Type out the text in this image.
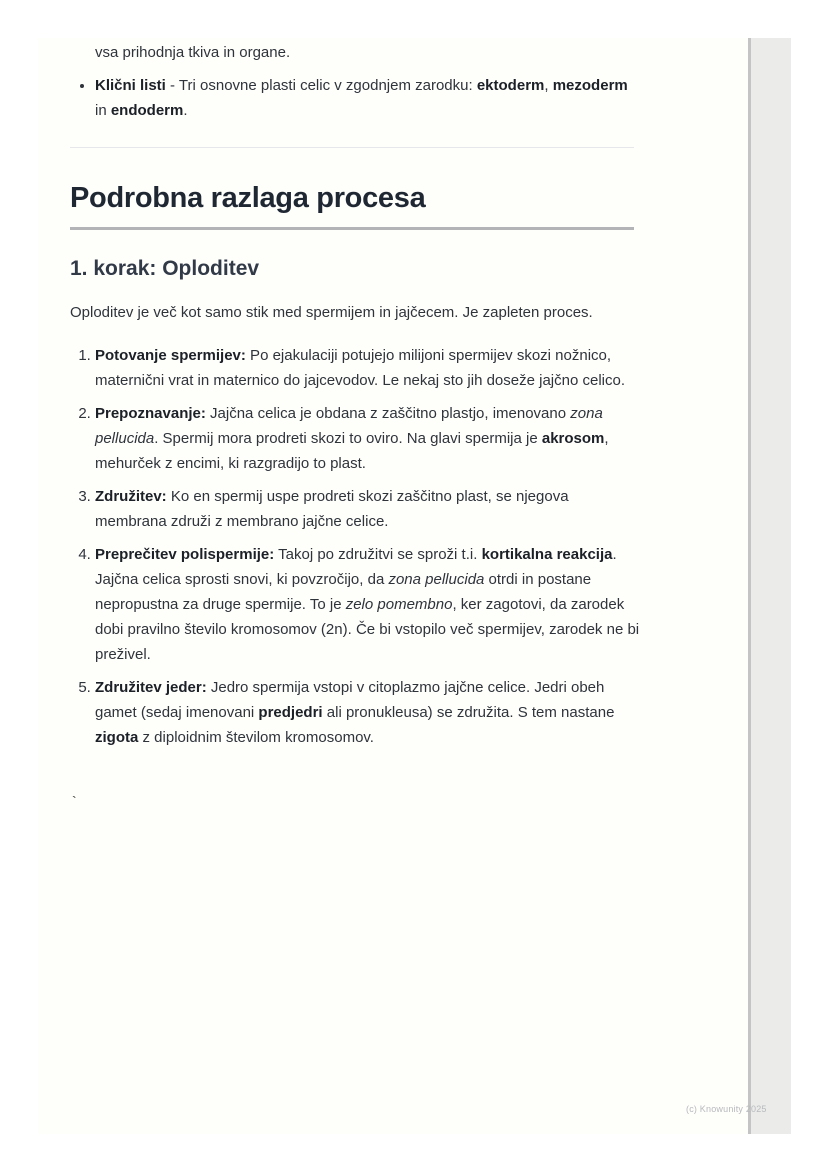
vsa prihodnja tkiva in organe.

• Klični listi - Tri osnovne plasti celic v zgodnjem zarodku: ektoderm, mezoderm in endoderm.
Podrobna razlaga procesa
1. korak: Oploditev

Oploditev je več kot samo stik med spermijem in jajčecem. Je zapleten proces.

1. Potovanje spermijev: Po ejakulaciji potujejo milijoni spermijev skozi nožnico, maternični vrat in maternico do jajcevodov. Le nekaj sto jih doseže jajčno celico.
2. Prepoznavanje: Jajčna celica je obdana z zaščitno plastjo, imenovano zona pellucida. Spermij mora prodreti skozi to oviro. Na glavi spermija je akrosom, mehurček z encimi, ki razgradijo to plast.
3. Združitev: Ko en spermij uspe prodreti skozi zaščitno plast, se njegova membrana združi z membrano jajčne celice.
4. Preprečitev polispermije: Takoj po združitvi se sproži t.i. kortikalna reakcija. Jajčna celica sprosti snovi, ki povzročijo, da zona pellucida otrdi in postane nepropustna za druge spermije. To je zelo pomembno, ker zagotovi, da zarodek dobi pravilno število kromosomov (2n). Če bi vstopilo več spermijev, zarodek ne bi preživel.
5. Združitev jeder: Jedro spermija vstopi v citoplazmo jajčne celice. Jedri obeh gamet (sedaj imenovani predjedri ali pronukleusa) se združita. S tem nastane zigota z diploidnim številom kromosomov.
`
(c) Knowunity 2025
